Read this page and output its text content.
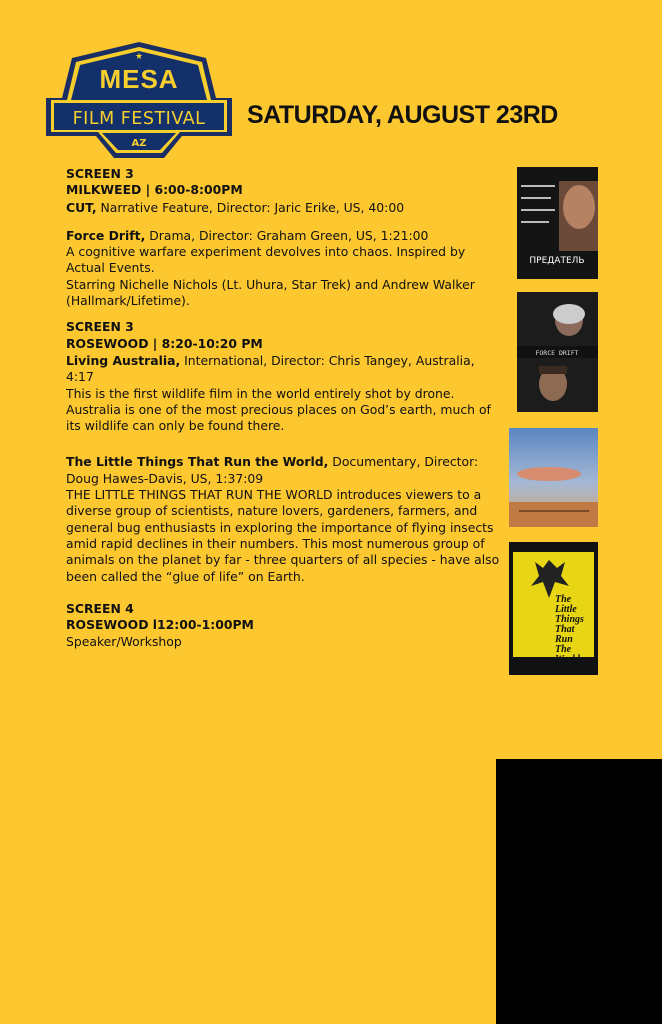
★
MESA
FILM FESTIVAL
AZ
SATURDAY, AUGUST 23RD
SCREEN 3
MILKWEED | 6:00-8:00PM
CUT, Narrative Feature, Director: Jaric Erike, US, 40:00
Force Drift, Drama, Director: Graham Green, US, 1:21:00
A cognitive warfare experiment devolves into chaos. Inspired by Actual Events.
Starring Nichelle Nichols (Lt. Uhura, Star Trek) and Andrew Walker (Hallmark/Lifetime).
SCREEN 3
ROSEWOOD | 8:20-10:20 PM
Living Australia, International, Director: Chris Tangey, Australia, 4:17
This is the first wildlife film in the world entirely shot by drone. Australia is one of the most precious places on God’s earth, much of its wildlife can only be found there.
The Little Things That Run the World, Documentary, Director: Doug Hawes-Davis, US, 1:37:09
THE LITTLE THINGS THAT RUN THE WORLD introduces viewers to a diverse group of scientists, nature lovers, gardeners, farmers, and general bug enthusiasts in exploring the importance of flying insects amid rapid declines in their numbers. This most numerous group of animals on the planet by far - three quarters of all species - have also been called the “glue of life” on Earth.
SCREEN 4
ROSEWOOD l12:00-1:00PM
Speaker/Workshop
ПРЕДАТЕЛЬ
FORCE DRIFT
The Little Things That Run The World
